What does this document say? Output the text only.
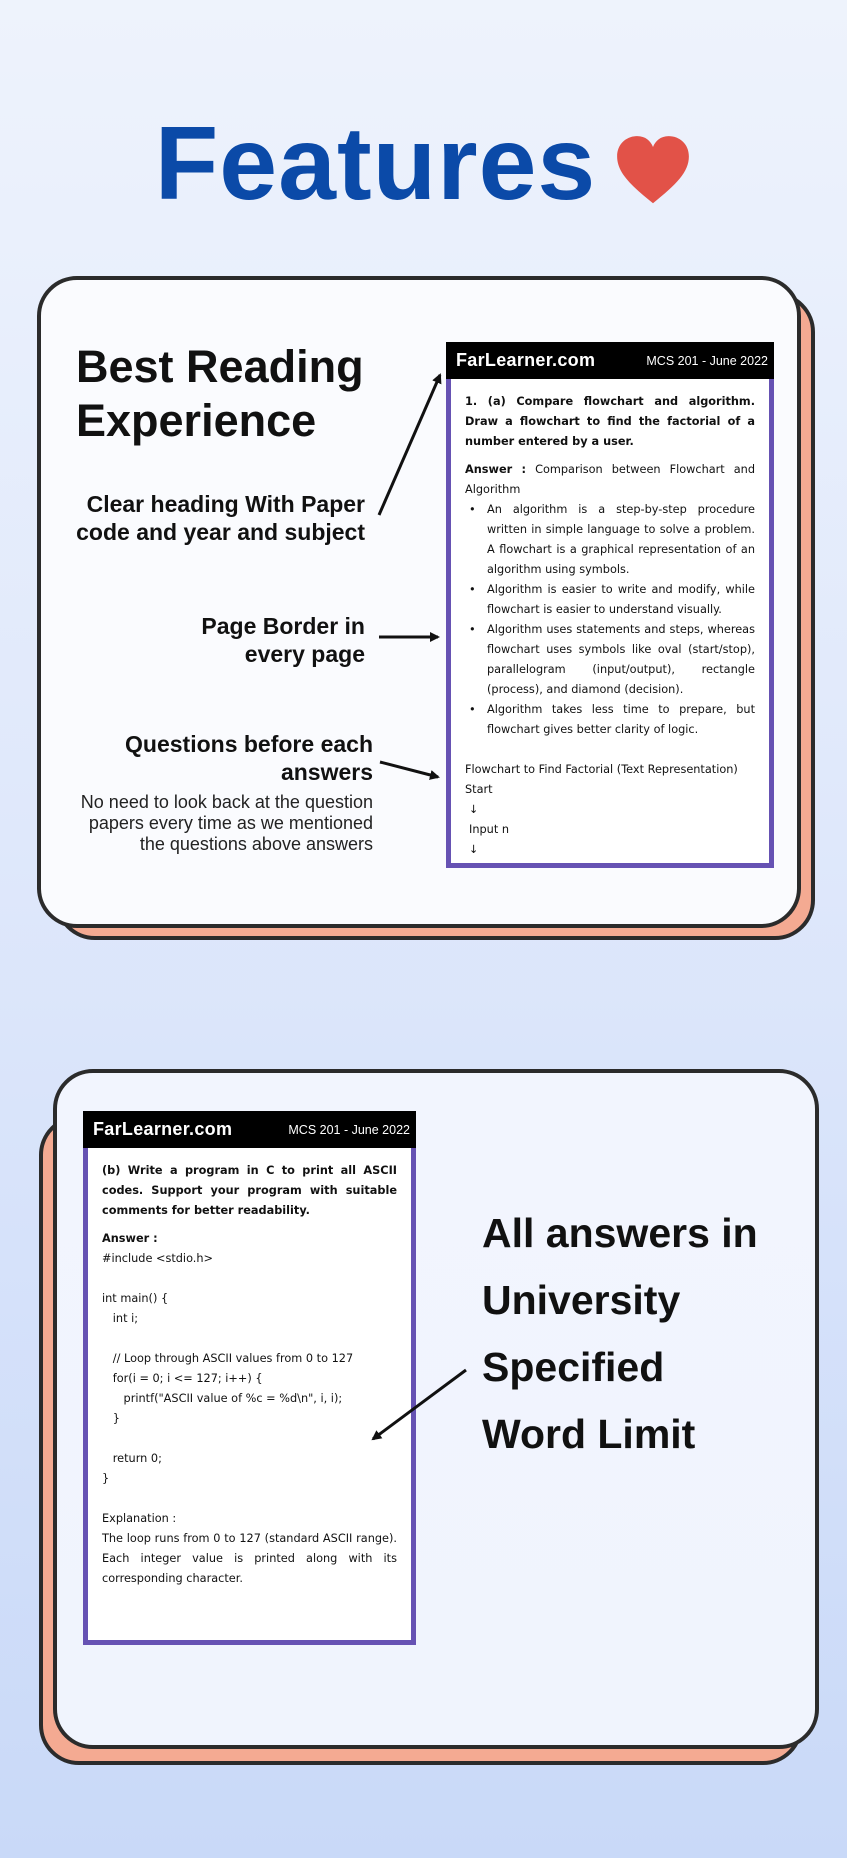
Features
Best Reading
Experience
Clear heading With Paper
code and year and subject
Page Border in
every page
Questions before each
answers
No need to look back at the question
papers every time as we mentioned
the questions above answers
FarLearner.com	MCS 201 - June 2022

1. (a) Compare flowchart and algorithm. Draw a flowchart to find the factorial of a number entered by a user.

Answer : Comparison between Flowchart and Algorithm

• An algorithm is a step-by-step procedure written in simple language to solve a problem. A flowchart is a graphical representation of an algorithm using symbols.
• Algorithm is easier to write and modify, while flowchart is easier to understand visually.
• Algorithm uses statements and steps, whereas flowchart uses symbols like oval (start/stop), parallelogram (input/output), rectangle (process), and diamond (decision).
• Algorithm takes less time to prepare, but flowchart gives better clarity of logic.

Flowchart to Find Factorial (Text Representation)

Start
↓
Input n
↓
FarLearner.com	MCS 201 - June 2022

(b) Write a program in C to print all ASCII codes. Support your program with suitable comments for better readability.

Answer :

#include <stdio.h>
int main() {
int i;
// Loop through ASCII values from 0 to 127
for(i = 0; i <= 127; i++) {
printf("ASCII value of %c = %d\n", i, i);
}
return 0;
}

Explanation :

The loop runs from 0 to 127 (standard ASCII range). Each integer value is printed along with its corresponding character.

All answers in
University
Specified
Word Limit
